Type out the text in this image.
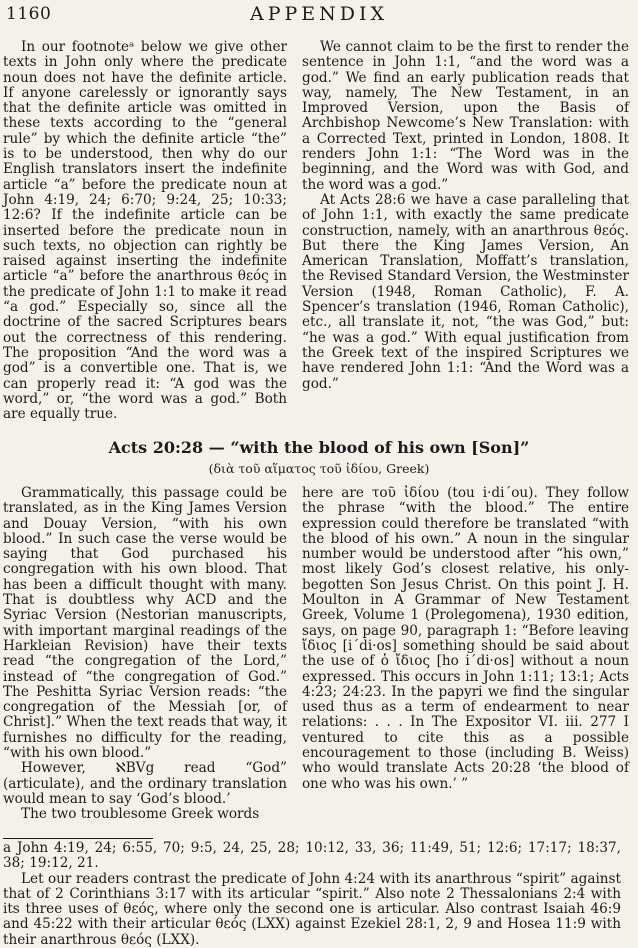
1160	APPENDIX

In our footnoteᵃ below we give other texts in John only where the predicate noun does not have the definite article. If anyone carelessly or ignorantly says that the definite article was omitted in these texts according to the “general rule” by which the definite article “the” is to be understood, then why do our English translators insert the indefinite article “a” before the predicate noun at John 4:19, 24; 6:70; 9:24, 25; 10:33; 12:6? If the indefinite article can be inserted before the predicate noun in such texts, no objection can rightly be raised against inserting the indefinite article “a” before the anarthrous θεός in the predicate of John 1:1 to make it read “a god.” Especially so, since all the doctrine of the sacred Scriptures bears out the correctness of this rendering. The proposition “And the word was a god” is a convertible one. That is, we can properly read it: “A god was the word,” or, “the word was a god.” Both are equally true.

We cannot claim to be the first to render the sentence in John 1:1, “and the word was a god.” We find an early publication reads that way, namely, The New Testament, in an Improved Version, upon the Basis of Archbishop Newcome’s New Translation: with a Corrected Text, printed in London, 1808. It renders John 1:1: “The Word was in the beginning, and the Word was with God, and the word was a god.”

At Acts 28:6 we have a case paralleling that of John 1:1, with exactly the same predicate construction, namely, with an anarthrous θεός. But there the King James Version, An American Translation, Moffatt’s translation, the Revised Standard Version, the Westminster Version (1948, Roman Catholic), F. A. Spencer’s translation (1946, Roman Catholic), etc., all translate it, not, “the was God,” but: “he was a god.” With equal justification from the Greek text of the inspired Scriptures we have rendered John 1:1: “And the Word was a god.”

Acts 20:28 — “with the blood of his own [Son]”
(διὰ τοῦ αἵματος τοῦ ἰδίου, Greek)

Grammatically, this passage could be translated, as in the King James Version and Douay Version, “with his own blood.” In such case the verse would be saying that God purchased his congregation with his own blood. That has been a difficult thought with many. That is doubtless why ACD and the Syriac Version (Nestorian manuscripts, with important marginal readings of the Harkleian Revision) have their texts read “the congregation of the Lord,” instead of “the congregation of God.” The Peshitta Syriac Version reads: “the congregation of the Messiah [or, of Christ].” When the text reads that way, it furnishes no difficulty for the reading, “with his own blood.”

However, ℵBVg read “God” (articulate), and the ordinary translation would mean to say ‘God’s blood.’

The two troublesome Greek words

here are τοῦ ἰδίου (tou i·di´ou). They follow the phrase “with the blood.” The entire expression could therefore be translated “with the blood of his own.” A noun in the singular number would be understood after “his own,” most likely God’s closest relative, his only-begotten Son Jesus Christ. On this point J. H. Moulton in A Grammar of New Testament Greek, Volume 1 (Prolegomena), 1930 edition, says, on page 90, paragraph 1: “Before leaving ἴδιος [i´di·os] something should be said about the use of ὁ ἴδιος [ho i´di·os] without a noun expressed. This occurs in John 1:11; 13:1; Acts 4:23; 24:23. In the papyri we find the singular used thus as a term of endearment to near relations: . . . In The Expositor VI. iii. 277 I ventured to cite this as a possible encouragement to those (including B. Weiss) who would translate Acts 20:28 ‘the blood of one who was his own.’ ”

a John 4:19, 24; 6:55, 70; 9:5, 24, 25, 28; 10:12, 33, 36; 11:49, 51; 12:6; 17:17; 18:37, 38; 19:12, 21.

Let our readers contrast the predicate of John 4:24 with its anarthrous “spirit” against that of 2 Corinthians 3:17 with its articular “spirit.” Also note 2 Thessalonians 2:4 with its three uses of θεός, where only the second one is articular. Also contrast Isaiah 46:9 and 45:22 with their articular θεός (LXX) against Ezekiel 28:1, 2, 9 and Hosea 11:9 with their anarthrous θεός (LXX).
